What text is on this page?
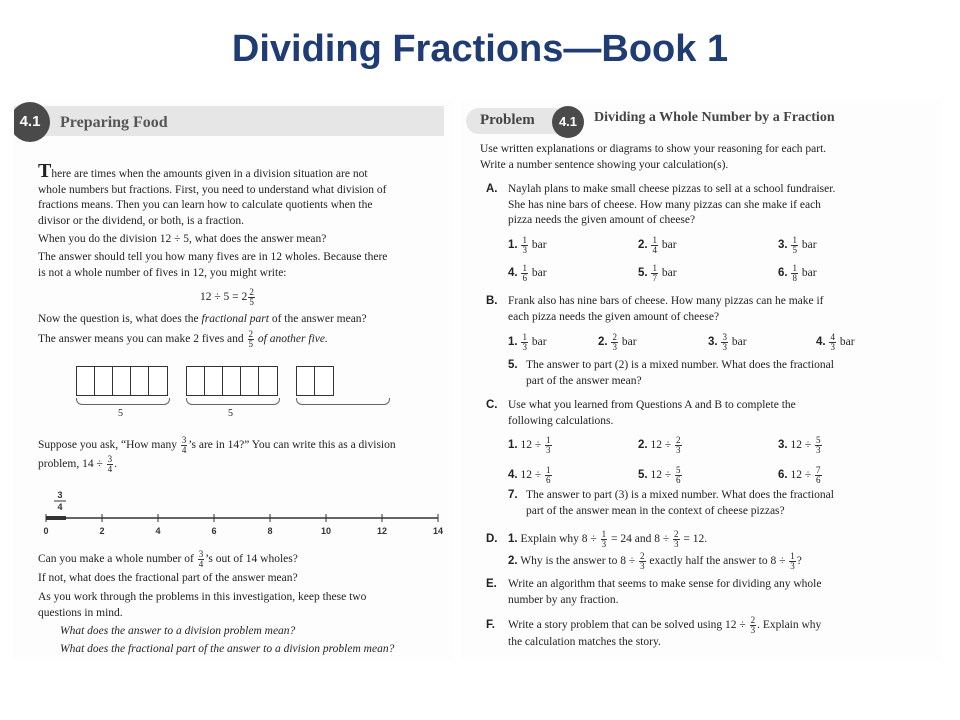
Dividing Fractions—Book 1
4.1	Preparing Food
There are times when the amounts given in a division situation are not
whole numbers but fractions. First, you need to understand what division of
fractions means. Then you can learn how to calculate quotients when the
divisor or the dividend, or both, is a fraction.
When you do the division 12 ÷ 5, what does the answer mean?
The answer should tell you how many fives are in 12 wholes. Because there
is not a whole number of fives in 12, you might write:
$12 \div 5 = 2 \frac{2}{5}$
Now the question is, what does the fractional part of the answer mean?
The answer means you can make 2 fives and $\frac{2}{5}$ of another five.
5	5
Suppose you ask, “How many $\frac{3}{4}$ ’s are in 14?” You can write this as a division
problem, $14 \div \frac{3}{4}$ .
3
4
0	2	4	6	8	10	12	14
Can you make a whole number of $\frac{3}{4}$ ’s out of 14 wholes?
If not, what does the fractional part of the answer mean?
As you work through the problems in this investigation, keep these two
questions in mind.
What does the answer to a division problem mean?
What does the fractional part of the answer to a division problem mean?
Problem	4.1	Dividing a Whole Number by a Fraction
Use written explanations or diagrams to show your reasoning for each part.
Write a number sentence showing your calculation(s).
A. Naylah plans to make small cheese pizzas to sell at a school fundraiser.
She has nine bars of cheese. How many pizzas can she make if each
pizza needs the given amount of cheese?
1. $\frac{1}{3}$ bar	2. $\frac{1}{4}$ bar	3. $\frac{1}{5}$ bar
4. $\frac{1}{6}$ bar	5. $\frac{1}{7}$ bar	6. $\frac{1}{8}$ bar
B. Frank also has nine bars of cheese. How many pizzas can he make if
each pizza needs the given amount of cheese?
1. $\frac{1}{3}$ bar	2. $\frac{2}{3}$ bar	3. $\frac{3}{3}$ bar	4. $\frac{4}{3}$ bar
5. The answer to part (2) is a mixed number. What does the fractional
part of the answer mean?
C. Use what you learned from Questions A and B to complete the
following calculations.
1. $12 \div \frac{1}{3}$	2. $12 \div \frac{2}{3}$	3. $12 \div \frac{5}{3}$
4. $12 \div \frac{1}{6}$	5. $12 \div \frac{5}{6}$	6. $12 \div \frac{7}{6}$
7. The answer to part (3) is a mixed number. What does the fractional
part of the answer mean in the context of cheese pizzas?
D. 1. Explain why $8 \div \frac{1}{3} = 24$ and $8 \div \frac{2}{3} = 12$.
2. Why is the answer to $8 \div \frac{2}{3}$ exactly half the answer to $8 \div \frac{1}{3}$ ?
E. Write an algorithm that seems to make sense for dividing any whole
number by any fraction.
F. Write a story problem that can be solved using $12 \div \frac{2}{3}$ . Explain why
the calculation matches the story.
